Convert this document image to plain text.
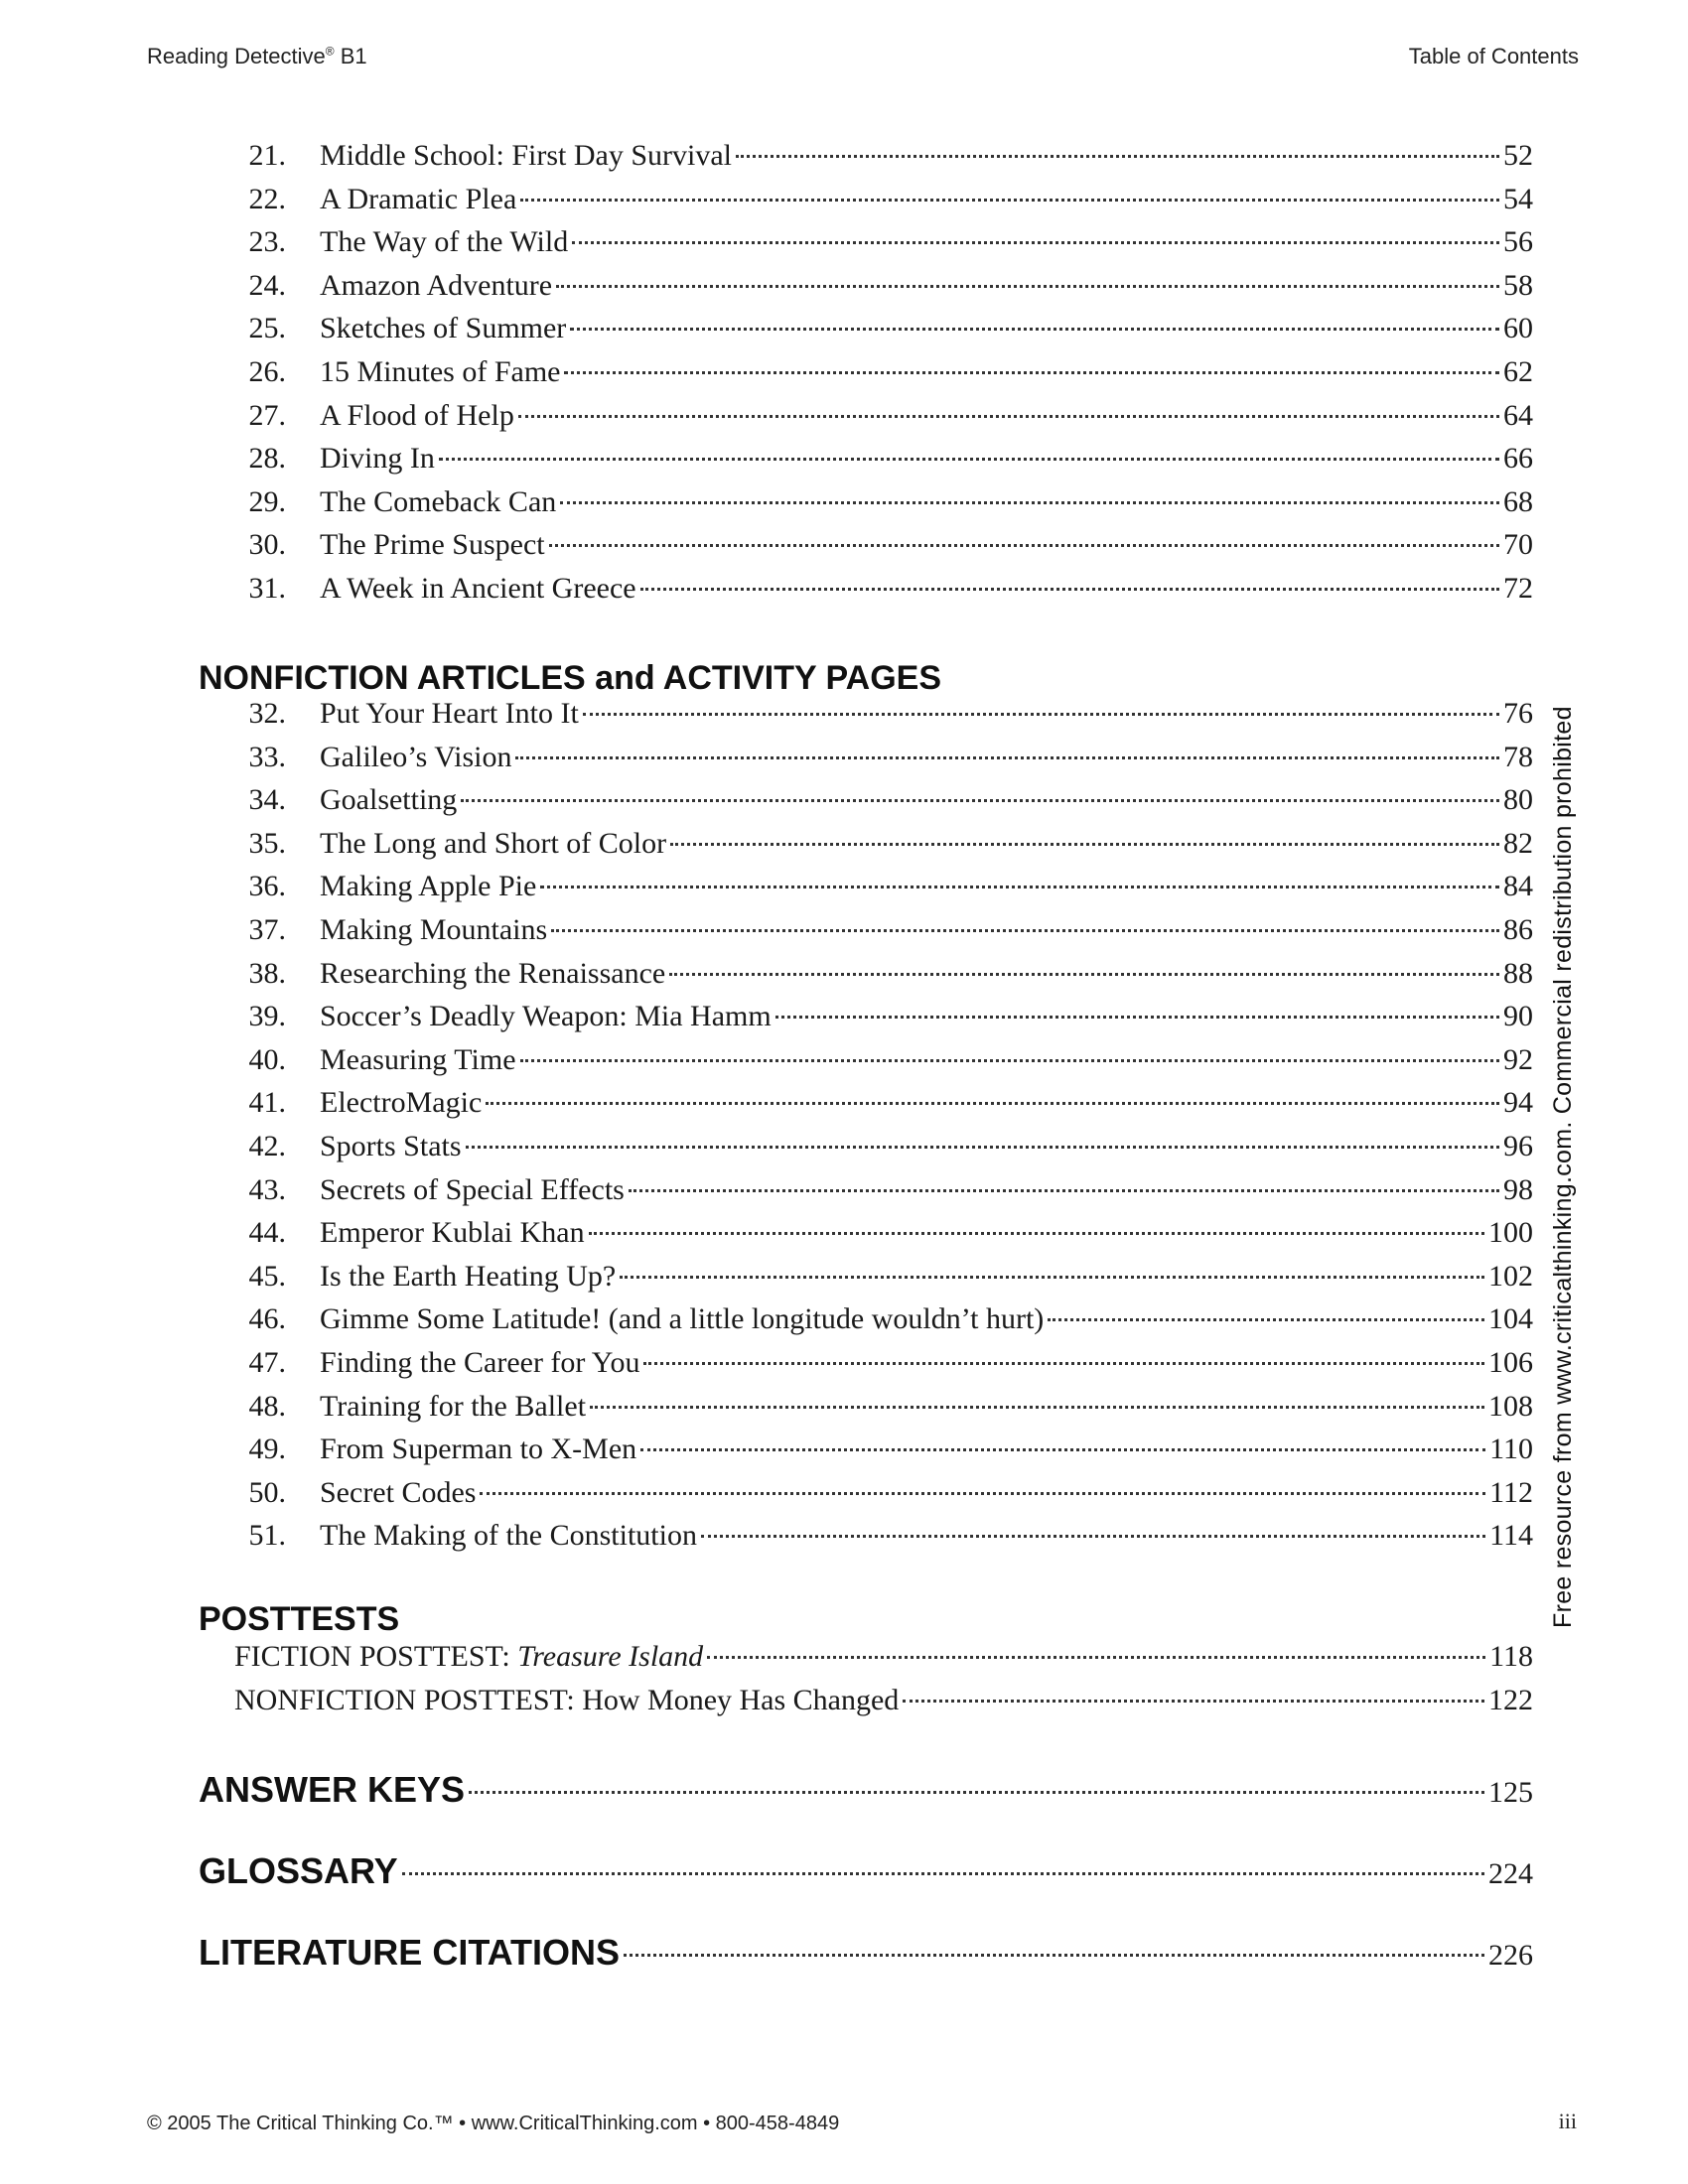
Reading Detective® B1	Table of Contents
Free resource from www.criticalthinking.com. Commercial redistribution prohibited
21.	Middle School: First Day Survival	52
22.	A Dramatic Plea	54
23.	The Way of the Wild	56
24.	Amazon Adventure	58
25.	Sketches of Summer	60
26.	15 Minutes of Fame	62
27.	A Flood of Help	64
28.	Diving In	66
29.	The Comeback Can	68
30.	The Prime Suspect	70
31.	A Week in Ancient Greece	72
NONFICTION ARTICLES and ACTIVITY PAGES
32.	Put Your Heart Into It	76
33.	Galileo’s Vision	78
34.	Goalsetting	80
35.	The Long and Short of Color	82
36.	Making Apple Pie	84
37.	Making Mountains	86
38.	Researching the Renaissance	88
39.	Soccer’s Deadly Weapon: Mia Hamm	90
40.	Measuring Time	92
41.	ElectroMagic	94
42.	Sports Stats	96
43.	Secrets of Special Effects	98
44.	Emperor Kublai Khan	100
45.	Is the Earth Heating Up?	102
46.	Gimme Some Latitude! (and a little longitude wouldn’t hurt)	104
47.	Finding the Career for You	106
48.	Training for the Ballet	108
49.	From Superman to X-Men	110
50.	Secret Codes	112
51.	The Making of the Constitution	114
POSTTESTS
FICTION POSTTEST: Treasure Island	118
NONFICTION POSTTEST: How Money Has Changed	122
ANSWER KEYS	125
GLOSSARY	224
LITERATURE CITATIONS	226
© 2005 The Critical Thinking Co.™ • www.CriticalThinking.com • 800-458-4849	iii
